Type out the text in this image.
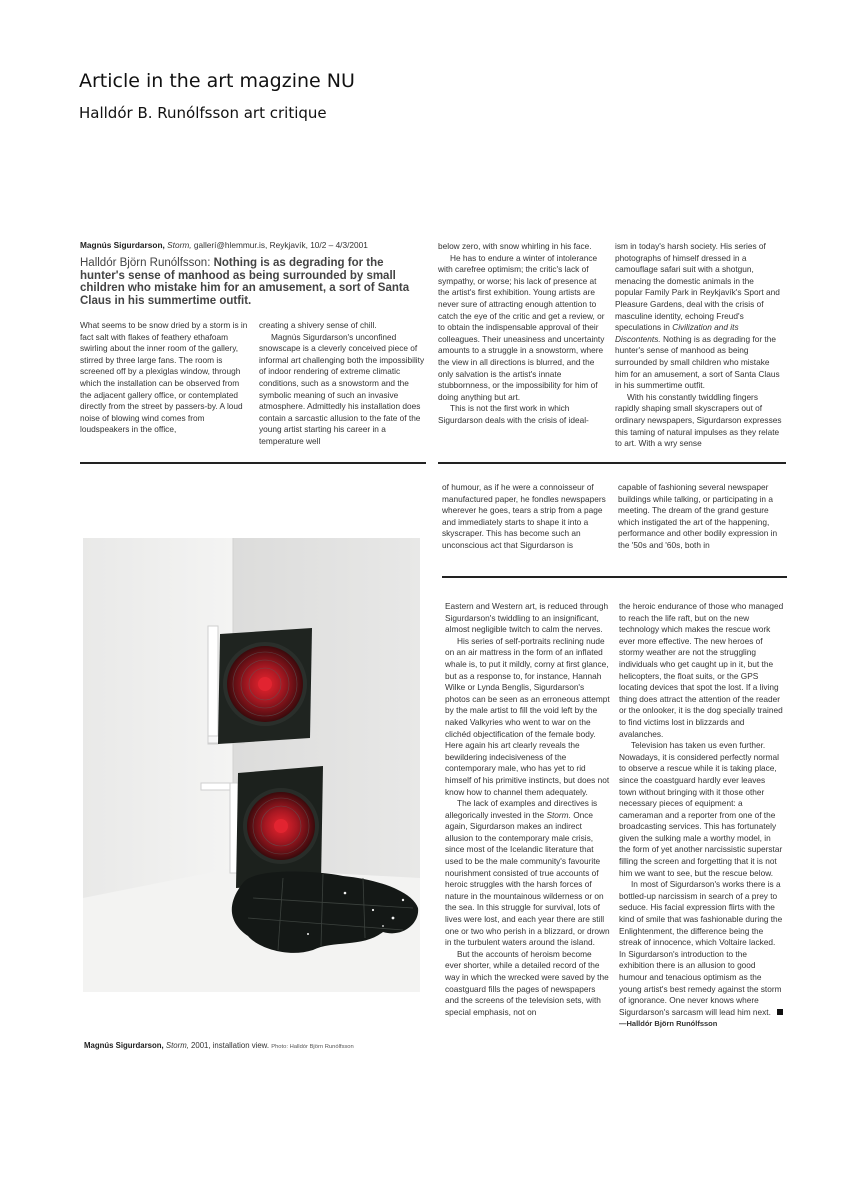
Article in the art magzine NU
Halldór B. Runólfsson art critique
Magnús Sigurdarson, Storm, gallerí@hlemmur.is, Reykjavík, 10/2 – 4/3/2001
Halldór Björn Runólfsson: Nothing is as degrading for the hunter's sense of manhood as being surrounded by small children who mistake him for an amusement, a sort of Santa Claus in his summertime outfit.

What seems to be snow dried by a storm is in fact salt with flakes of feathery ethafoam swirling about the inner room of the gallery, stirred by three large fans. The room is screened off by a plexiglas window, through which the installation can be observed from the adjacent gallery office, or contemplated directly from the street by passers-by. A loud noise of blowing wind comes from loudspeakers in the office,

creating a shivery sense of chill.

Magnús Sigurdarson's unconfined snowscape is a cleverly conceived piece of informal art challenging both the impossibility of indoor rendering of extreme climatic conditions, such as a snowstorm and the symbolic meaning of such an invasive atmosphere. Admittedly his installation does contain a sarcastic allusion to the fate of the young artist starting his career in a temperature well

below zero, with snow whirling in his face.

He has to endure a winter of intolerance with carefree optimism; the critic's lack of sympathy, or worse; his lack of presence at the artist's first exhibition. Young artists are never sure of attracting enough attention to catch the eye of the critic and get a review, or to obtain the indispensable approval of their colleagues. Their uneasiness and uncertainty amounts to a struggle in a snowstorm, where the view in all directions is blurred, and the only salvation is the artist's innate stubbornness, or the impossibility for him of doing anything but art.

This is not the first work in which Sigurdarson deals with the crisis of ideal-

ism in today's harsh society. His series of photographs of himself dressed in a camouflage safari suit with a shotgun, menacing the domestic animals in the popular Family Park in Reykjavík's Sport and Pleasure Gardens, deal with the crisis of masculine identity, echoing Freud's speculations in Civilization and its Discontents. Nothing is as degrading for the hunter's sense of manhood as being surrounded by small children who mistake him for an amusement, a sort of Santa Claus in his summertime outfit.

With his constantly twiddling fingers rapidly shaping small skyscrapers out of ordinary newspapers, Sigurdarson expresses this taming of natural impulses as they relate to art. With a wry sense

of humour, as if he were a connoisseur of manufactured paper, he fondles newspapers wherever he goes, tears a strip from a page and immediately starts to shape it into a skyscraper. This has become such an unconscious act that Sigurdarson is

capable of fashioning several newspaper buildings while talking, or participating in a meeting. The dream of the grand gesture which instigated the art of the happening, performance and other bodily expression in the '50s and '60s, both in

Magnús Sigurdarson, Storm, 2001, installation view. Photo: Halldór Björn Runólfsson

Eastern and Western art, is reduced through Sigurdarson's twiddling to an insignificant, almost negligible twitch to calm the nerves.

His series of self-portraits reclining nude on an air mattress in the form of an inflated whale is, to put it mildly, corny at first glance, but as a response to, for instance, Hannah Wilke or Lynda Benglis, Sigurdarson's photos can be seen as an erroneous attempt by the male artist to fill the void left by the naked Valkyries who went to war on the clichéd objectification of the female body. Here again his art clearly reveals the bewildering indecisiveness of the contemporary male, who has yet to rid himself of his primitive instincts, but does not know how to channel them adequately.

The lack of examples and directives is allegorically invested in the Storm. Once again, Sigurdarson makes an indirect allusion to the contemporary male crisis, since most of the Icelandic literature that used to be the male community's favourite nourishment consisted of true accounts of heroic struggles with the harsh forces of nature in the mountainous wilderness or on the sea. In this struggle for survival, lots of lives were lost, and each year there are still one or two who perish in a blizzard, or drown in the turbulent waters around the island.

But the accounts of heroism become ever shorter, while a detailed record of the way in which the wrecked were saved by the coastguard fills the pages of newspapers and the screens of the television sets, with special emphasis, not on

the heroic endurance of those who managed to reach the life raft, but on the new technology which makes the rescue work ever more effective. The new heroes of stormy weather are not the struggling individuals who get caught up in it, but the helicopters, the float suits, or the GPS locating devices that spot the lost. If a living thing does attract the attention of the reader or the onlooker, it is the dog specially trained to find victims lost in blizzards and avalanches.

Television has taken us even further. Nowadays, it is considered perfectly normal to observe a rescue while it is taking place, since the coastguard hardly ever leaves town without bringing with it those other necessary pieces of equipment: a cameraman and a reporter from one of the broadcasting services. This has fortunately given the sulking male a worthy model, in the form of yet another narcissistic superstar filling the screen and forgetting that it is not him we want to see, but the rescue below.

In most of Sigurdarson's works there is a bottled-up narcissism in search of a prey to seduce. His facial expression flirts with the kind of smile that was fashionable during the Enlightenment, the difference being the streak of innocence, which Voltaire lacked. In Sigurdarson's introduction to the exhibition there is an allusion to good humour and tenacious optimism as the young artist's best remedy against the storm of ignorance. One never knows where Sigurdarson's sarcasm will lead him next.

—Halldór Björn Runólfsson
